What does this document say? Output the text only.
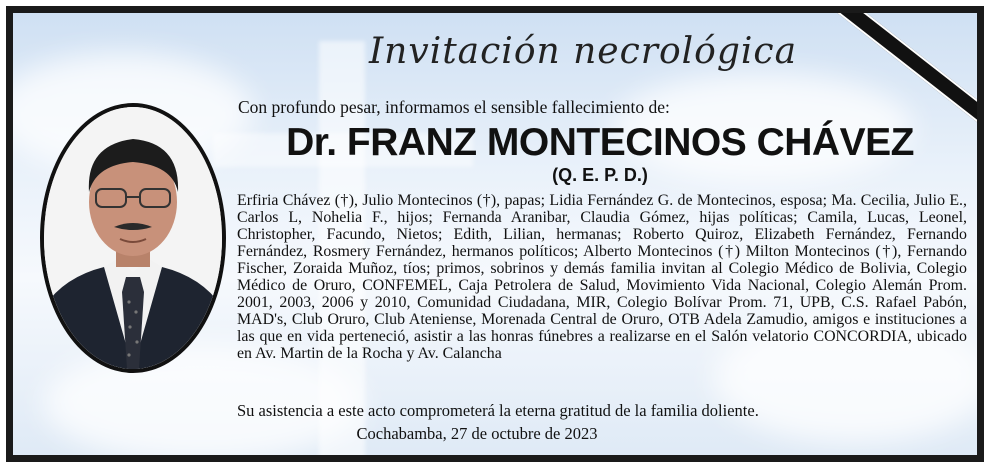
Invitación necrológica
Con profundo pesar, informamos el sensible fallecimiento de:
Dr. FRANZ MONTECINOS CHÁVEZ
(Q. E. P. D.)
Erfiria Chávez (†), Julio Montecinos (†), papas; Lidia Fernández G. de Montecinos, esposa; Ma. Cecilia, Julio E., Carlos L, Nohelia F., hijos; Fernanda Aranibar, Claudia Gómez, hijas políticas; Camila, Lucas, Leonel, Christopher, Facundo, Nietos; Edith, Lilian, hermanas; Roberto Quiroz, Elizabeth Fernández, Fernando Fernández, Rosmery Fernández, hermanos políticos; Alberto Montecinos (†) Milton Montecinos (†), Fernando Fischer, Zoraida Muñoz, tíos; primos, sobrinos y demás familia invitan al Colegio Médico de Bolivia, Colegio Médico de Oruro, CONFEMEL, Caja Petrolera de Salud, Movimiento Vida Nacional, Colegio Alemán Prom. 2001, 2003, 2006 y 2010, Comunidad Ciudadana, MIR, Colegio Bolívar Prom. 71, UPB, C.S. Rafael Pabón, MAD's, Club Oruro, Club Ateniense, Morenada Central de Oruro, OTB Adela Zamudio, amigos e instituciones a las que en vida perteneció, asistir a las honras fúnebres a realizarse en el Salón velatorio CONCORDIA, ubicado en Av. Martin de la Rocha y Av. Calancha
Su asistencia a este acto comprometerá la eterna gratitud de la familia doliente.
Cochabamba, 27 de octubre de 2023
